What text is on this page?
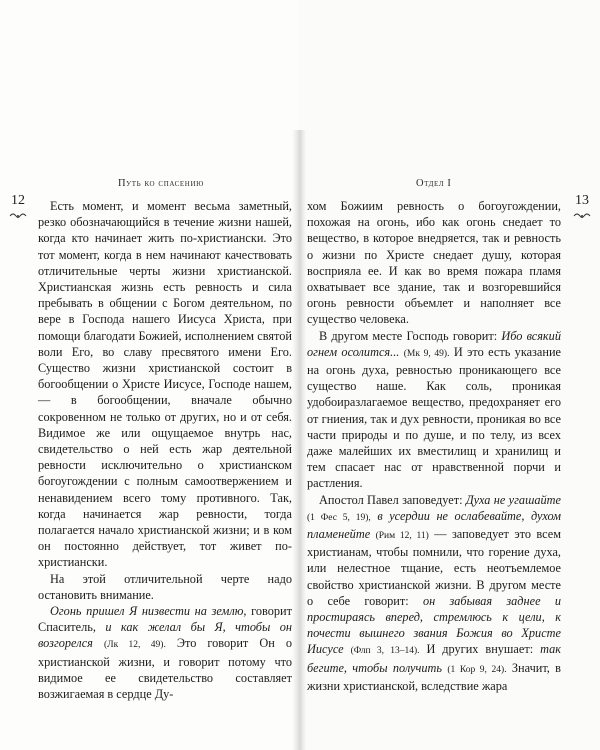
Путь ко спасению	Отдел I
12	13

Есть момент, и момент весьма заметный, резко обозначающийся в течение жизни нашей, когда кто начинает жить по-христиански. Это тот момент, когда в нем начинают качествовать отличительные черты жизни христианской. Христианская жизнь есть ревность и сила пребывать в общении с Богом деятельном, по вере в Господа нашего Иисуса Христа, при помощи благодати Божией, исполнением святой воли Его, во славу пресвятого имени Его. Существо жизни христианской состоит в богообщении о Христе Иисусе, Господе нашем, — в богообщении, вначале обычно сокровенном не только от других, но и от себя. Видимое же или ощущаемое внутрь нас, свидетельство о ней есть жар деятельной ревности исключительно о христианском богоугождении с полным самоотвержением и ненавидением всего тому противного. Так, когда начинается жар ревности, тогда полагается начало христианской жизни; и в ком он постоянно действует, тот живет по-христиански.

На этой отличительной черте надо остановить внимание.

Огонь пришел Я низвести на землю, говорит Спаситель, и как желал бы Я, чтобы он возгорелся (Лк 12, 49). Это говорит Он о христианской жизни, и говорит потому что видимое ее свидетельство составляет возжигаемая в сердце Ду-

хом Божиим ревность о богоугождении, похожая на огонь, ибо как огонь снедает то вещество, в которое внедряется, так и ревность о жизни по Христе снедает душу, которая восприяла ее. И как во время пожара пламя охватывает все здание, так и возгоревшийся огонь ревности объемлет и наполняет все существо человека.

В другом месте Господь говорит: Ибо всякий огнем осолится... (Мк 9, 49). И это есть указание на огонь духа, ревностью проникающего все существо наше. Как соль, проникая удобоиразлагаемое вещество, предохраняет его от гниения, так и дух ревности, проникая во все части природы и по душе, и по телу, из всех даже малейших их вместилищ и хранилищ и тем спасает нас от нравственной порчи и растления.

Апостол Павел заповедует: Духа не угашайте (1 Фес 5, 19), в усердии не ослабевайте, духом пламенейте (Рим 12, 11) — заповедует это всем христианам, чтобы помнили, что горение духа, или нелестное тщание, есть неотъемлемое свойство христианской жизни. В другом месте о себе говорит: он забывая заднее и простираясь вперед, стремлюсь к цели, к почести вышнего звания Божия во Христе Иисусе (Флп 3, 13–14). И других внушает: так бегите, чтобы получить (1 Кор 9, 24). Значит, в жизни христианской, вследствие жара
